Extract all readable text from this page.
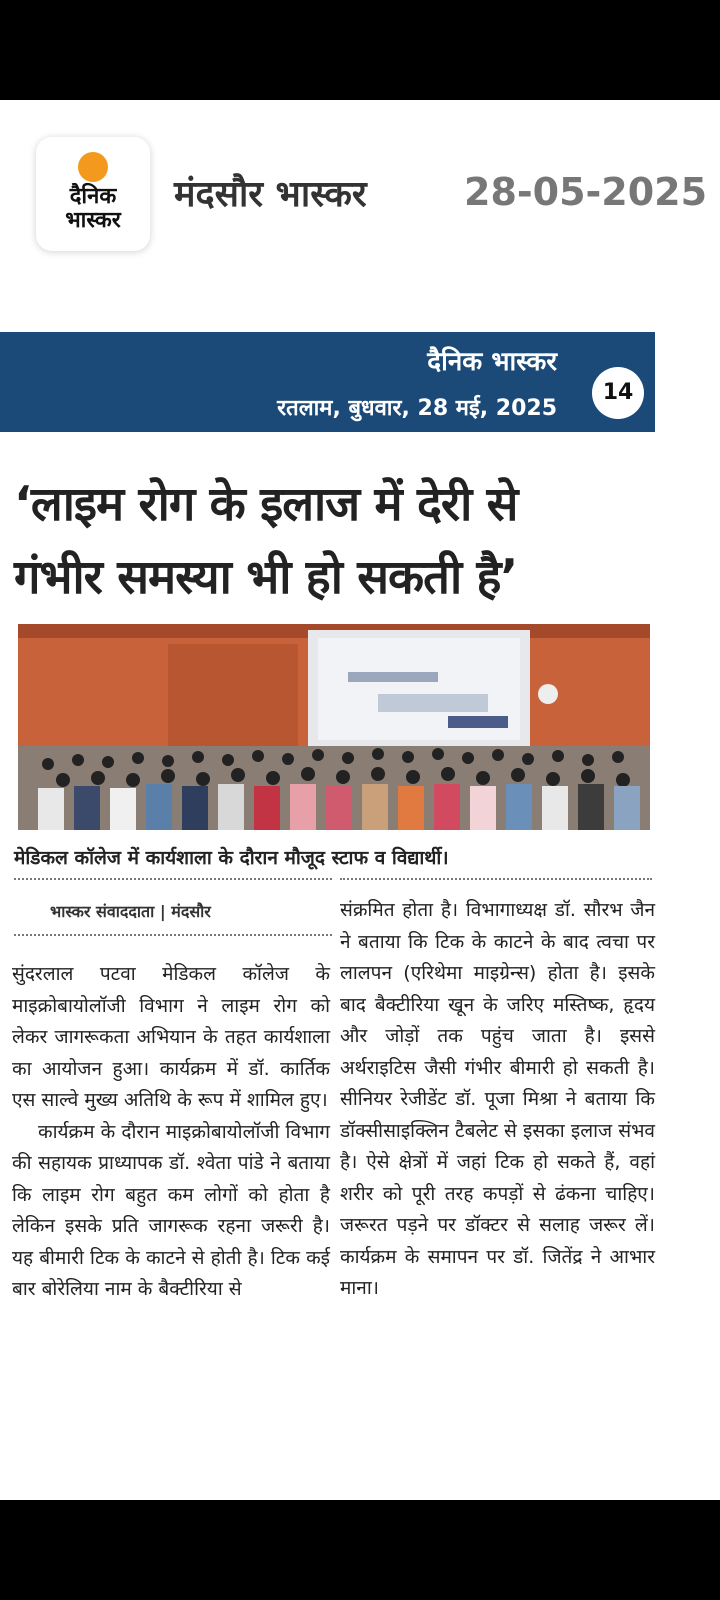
दैनिक
भास्कर
मंदसौर भास्कर	28-05-2025
दैनिक भास्कर
रतलाम, बुधवार, 28 मई, 2025
14
‘लाइम रोग के इलाज में देरी से
गंभीर समस्या भी हो सकती है’
मेडिकल कॉलेज में कार्यशाला के दौरान मौजूद स्टाफ व विद्यार्थी।
भास्कर संवाददाता | मंदसौर

सुंदरलाल पटवा मेडिकल कॉलेज के माइक्रोबायोलॉजी विभाग ने लाइम रोग को लेकर जागरूकता अभियान के तहत कार्यशाला का आयोजन हुआ। कार्यक्रम में डॉ. कार्तिक एस साल्वे मुख्य अतिथि के रूप में शामिल हुए।

कार्यक्रम के दौरान माइक्रोबायोलॉजी विभाग की सहायक प्राध्यापक डॉ. श्वेता पांडे ने बताया कि लाइम रोग बहुत कम लोगों को होता है लेकिन इसके प्रति जागरूक रहना जरूरी है। यह बीमारी टिक के काटने से होती है। टिक कई बार बोरेलिया नाम के बैक्टीरिया से

संक्रमित होता है। विभागाध्यक्ष डॉ. सौरभ जैन ने बताया कि टिक के काटने के बाद त्वचा पर लालपन (एरिथेमा माइग्रेन्स) होता है। इसके बाद बैक्टीरिया खून के जरिए मस्तिष्क, हृदय और जोड़ों तक पहुंच जाता है। इससे अर्थराइटिस जैसी गंभीर बीमारी हो सकती है। सीनियर रेजीडेंट डॉ. पूजा मिश्रा ने बताया कि डॉक्सीसाइक्लिन टैबलेट से इसका इलाज संभव है। ऐसे क्षेत्रों में जहां टिक हो सकते हैं, वहां शरीर को पूरी तरह कपड़ों से ढंकना चाहिए। जरूरत पड़ने पर डॉक्टर से सलाह जरूर लें। कार्यक्रम के समापन पर डॉ. जितेंद्र ने आभार माना।
